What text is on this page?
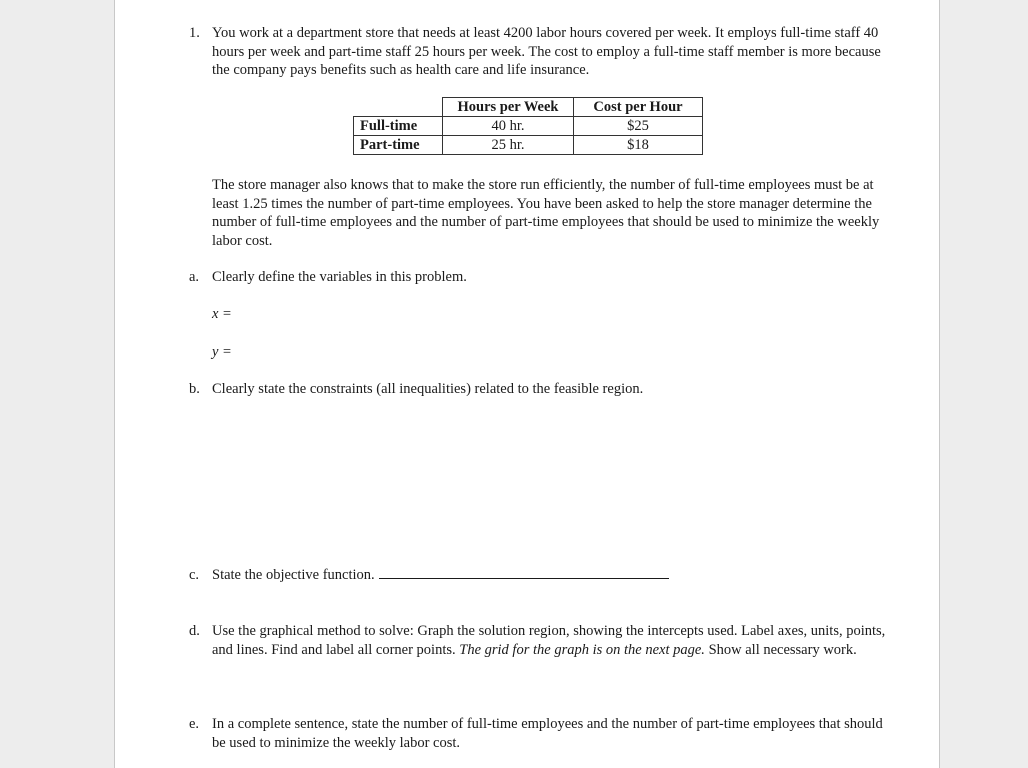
1. You work at a department store that needs at least 4200 labor hours covered per week. It employs full-time staff 40 hours per week and part-time staff 25 hours per week. The cost to employ a full-time staff member is more because the company pays benefits such as health care and life insurance.

	Hours per Week	Cost per Hour
Full-time	40 hr.	$25
Part-time	25 hr.	$18

The store manager also knows that to make the store run efficiently, the number of full-time employees must be at least 1.25 times the number of part-time employees. You have been asked to help the store manager determine the number of full-time employees and the number of part-time employees that should be used to minimize the weekly labor cost.

a. Clearly define the variables in this problem.
x =
y =
b. Clearly state the constraints (all inequalities) related to the feasible region.
c. State the objective function.
d. Use the graphical method to solve: Graph the solution region, showing the intercepts used. Label axes, units, points, and lines. Find and label all corner points. The grid for the graph is on the next page. Show all necessary work.
e. In a complete sentence, state the number of full-time employees and the number of part-time employees that should be used to minimize the weekly labor cost.
